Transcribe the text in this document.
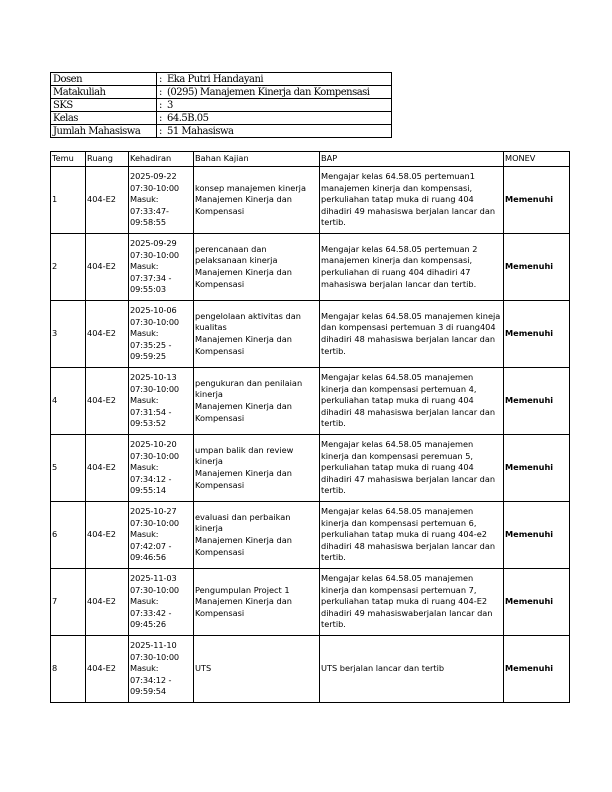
Dosen	: Eka Putri Handayani
Matakuliah	: (0295) Manajemen Kinerja dan Kompensasi
SKS	: 3
Kelas	: 64.5B.05
Jumlah Mahasiswa	: 51 Mahasiswa
Temu	Ruang	Kehadiran	Bahan Kajian	BAP	MONEV
1	404-E2	2025-09-22
07:30-10:00
Masuk:
07:33:47-
09:58:55	konsep manajemen kinerja
Manajemen Kinerja dan Kompensasi	Mengajar kelas 64.58.05 pertemuan1 manajemen kinerja dan kompensasi, perkuliahan tatap muka di ruang 404 dihadiri 49 mahasiswa berjalan lancar dan tertib.	Memenuhi
2	404-E2	2025-09-29
07:30-10:00
Masuk:
07:37:34 -
09:55:03	perencanaan dan pelaksanaan kinerja
Manajemen Kinerja dan Kompensasi	Mengajar kelas 64.58.05 pertemuan 2 manajemen kinerja dan kompensasi, perkuliahan di ruang 404 dihadiri 47 mahasiswa berjalan lancar dan tertib.	Memenuhi
3	404-E2	2025-10-06
07:30-10:00
Masuk:
07:35:25 -
09:59:25	pengelolaan aktivitas dan kualitas
Manajemen Kinerja dan Kompensasi	Mengajar kelas 64.58.05 manajemen kineja dan kompensasi pertemuan 3 di ruang404 dihadiri 48 mahasiswa berjalan lancar dan tertib.	Memenuhi
4	404-E2	2025-10-13
07:30-10:00
Masuk:
07:31:54 -
09:53:52	pengukuran dan penilaian kinerja
Manajemen Kinerja dan Kompensasi	Mengajar kelas 64.58.05 manajemen kinerja dan kompensasi pertemuan 4, perkuliahan tatap muka di ruang 404 dihadiri 48 mahasiswa berjalan lancar dan tertib.	Memenuhi
5	404-E2	2025-10-20
07:30-10:00
Masuk:
07:34:12 -
09:55:14	umpan balik dan review kinerja
Manajemen Kinerja dan Kompensasi	Mengajar kelas 64.58.05 manajemen kinerja dan kompensasi peremuan 5, perkuliahan tatap muka di ruang 404 dihadiri 47 mahasiswa berjalan lancar dan tertib.	Memenuhi
6	404-E2	2025-10-27
07:30-10:00
Masuk:
07:42:07 -
09:46:56	evaluasi dan perbaikan kinerja
Manajemen Kinerja dan Kompensasi	Mengajar kelas 64.58.05 manajemen kinerja dan kompensasi pertemuan 6, perkuliahan tatap muka di ruang 404-e2 dihadiri 48 mahasiswa berjalan lancar dan tertib.	Memenuhi
7	404-E2	2025-11-03
07:30-10:00
Masuk:
07:33:42 -
09:45:26	Pengumpulan Project 1
Manajemen Kinerja dan Kompensasi	Mengajar kelas 64.58.05 manajemen kinerja dan kompensasi pertemuan 7, perkuliahan tatap muka di ruang 404-E2 dihadiri 49 mahasiswaberjalan lancar dan tertib.	Memenuhi
8	404-E2	2025-11-10
07:30-10:00
Masuk:
07:34:12 -
09:59:54	UTS	UTS berjalan lancar dan tertib	Memenuhi
